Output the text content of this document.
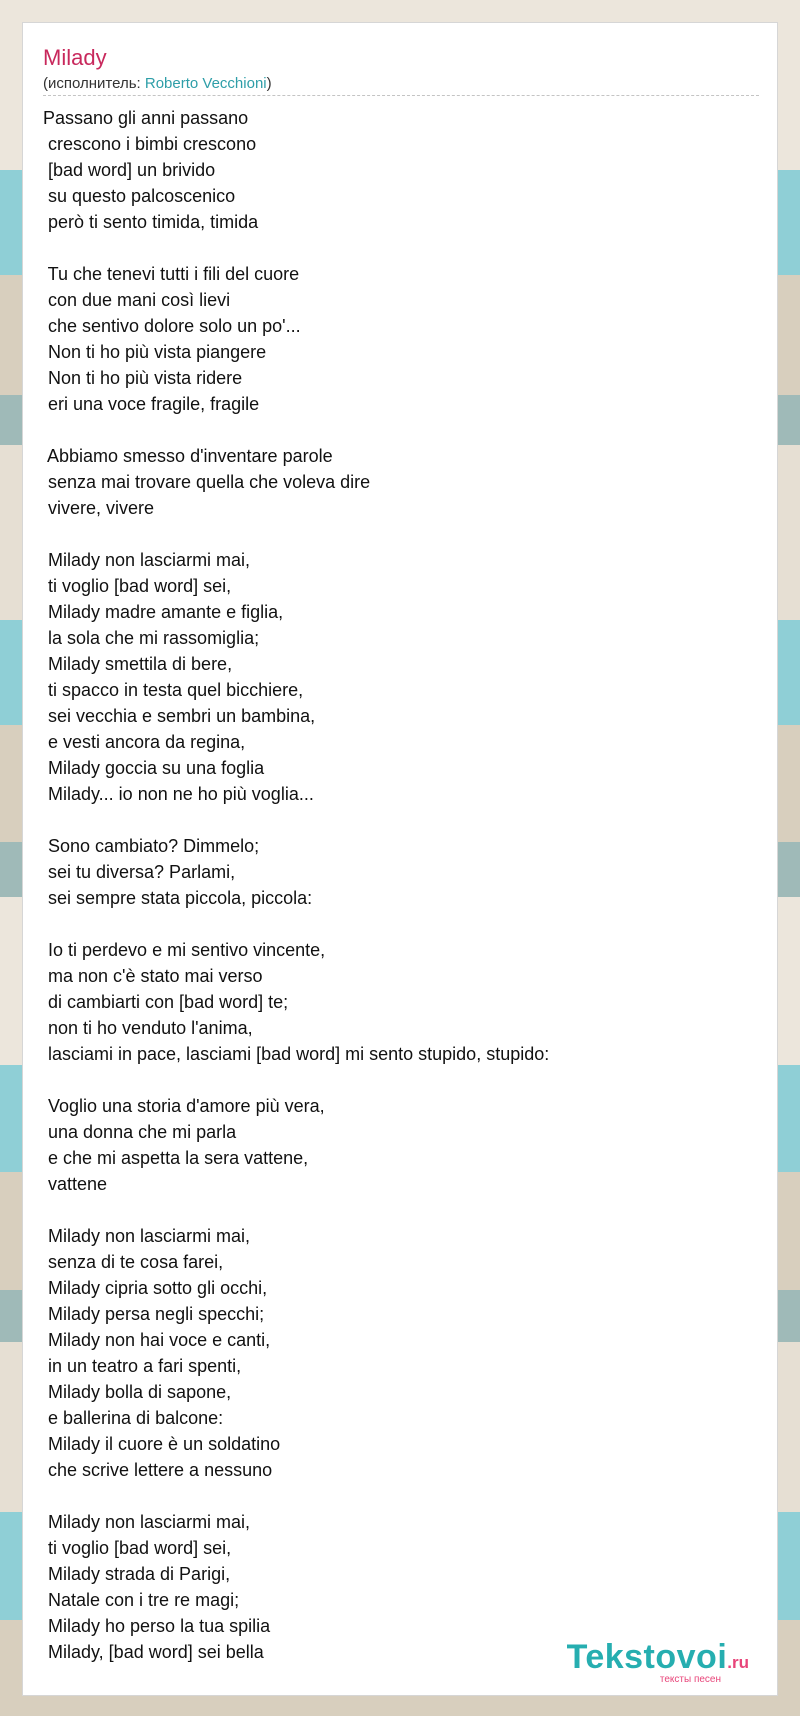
Milady
(исполнитель: Roberto Vecchioni)
Passano gli anni passano
crescono i bimbi crescono
[bad word] un brivido
su questo palcoscenico
però ti sento timida, timida
Tu che tenevi tutti i fili del cuore
con due mani così lievi
che sentivo dolore solo un po'...
Non ti ho più vista piangere
Non ti ho più vista ridere
eri una voce fragile, fragile
Abbiamo smesso d'inventare parole
senza mai trovare quella che voleva dire
vivere, vivere
Milady non lasciarmi mai,
ti voglio [bad word] sei,
Milady madre amante e figlia,
la sola che mi rassomiglia;
Milady smettila di bere,
ti spacco in testa quel bicchiere,
sei vecchia e sembri un bambina,
e vesti ancora da regina,
Milady goccia su una foglia
Milady... io non ne ho più voglia...
Sono cambiato? Dimmelo;
sei tu diversa? Parlami,
sei sempre stata piccola, piccola:
Io ti perdevo e mi sentivo vincente,
ma non c'è stato mai verso
di cambiarti con [bad word] te;
non ti ho venduto l'anima,
lasciami in pace, lasciami [bad word] mi sento stupido, stupido:
Voglio una storia d'amore più vera,
una donna che mi parla
e che mi aspetta la sera vattene,
vattene
Milady non lasciarmi mai,
senza di te cosa farei,
Milady cipria sotto gli occhi,
Milady persa negli specchi;
Milady non hai voce e canti,
in un teatro a fari spenti,
Milady bolla di sapone,
e ballerina di balcone:
Milady il cuore è un soldatino
che scrive lettere a nessuno
Milady non lasciarmi mai,
ti voglio [bad word] sei,
Milady strada di Parigi,
Natale con i tre re magi;
Milady ho perso la tua spilia
Milady, [bad word] sei bella	Tekstovoi.ru
тексты песен
